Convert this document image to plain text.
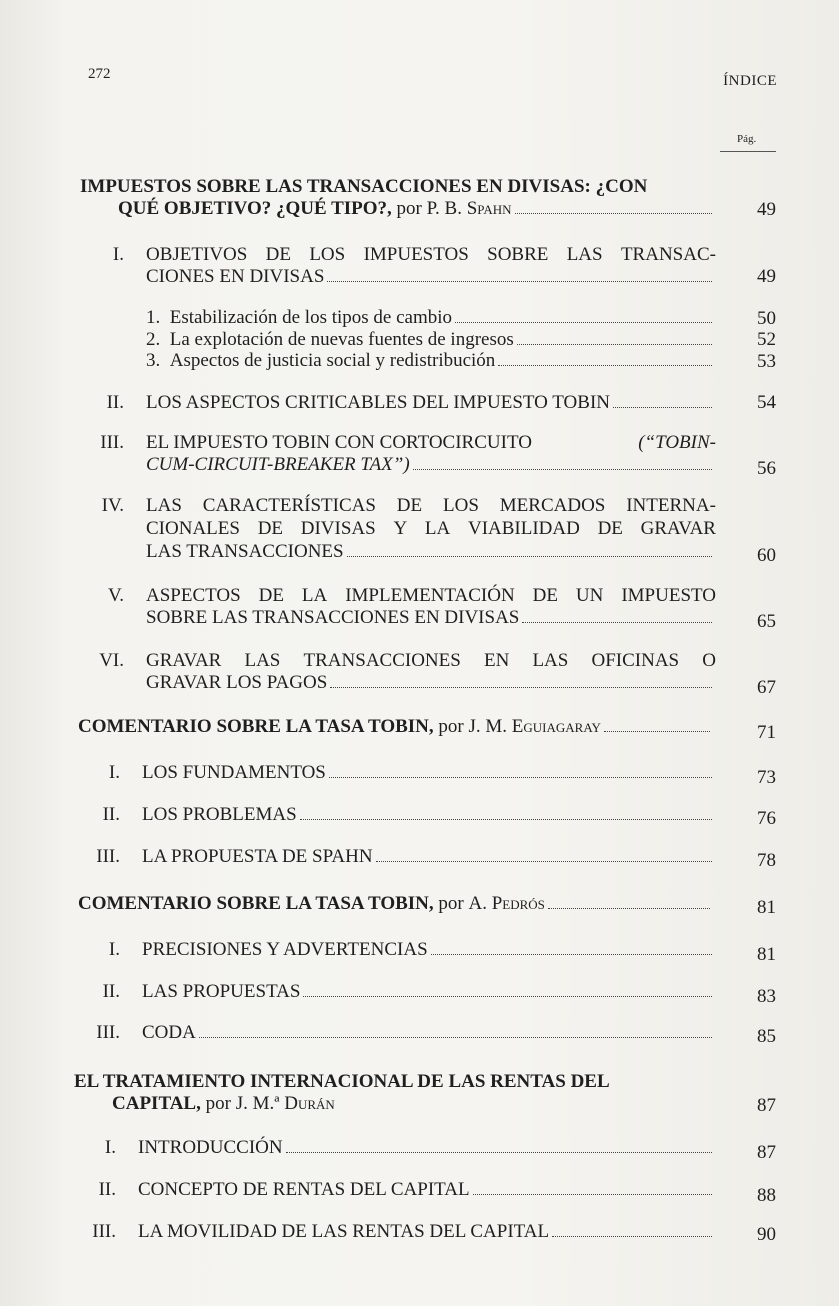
272	ÍNDICE
Pág.
IMPUESTOS SOBRE LAS TRANSACCIONES EN DIVISAS: ¿CON
QUÉ OBJETIVO? ¿QUÉ TIPO?,
por
P. B. Spahn	49
I. OBJETIVOS DE LOS IMPUESTOS SOBRE LAS TRANSAC-
CIONES EN DIVISAS	49
1.
Estabilización de los tipos de cambio	50
2.
La explotación de nuevas fuentes de ingresos	52
3.
Aspectos de justicia social y redistribución	53
II. LOS ASPECTOS CRITICABLES DEL IMPUESTO TOBIN	54
III. EL IMPUESTO TOBIN CON CORTOCIRCUITO	(“TOBIN-
CUM-CIRCUIT-BREAKER TAX”)	56
IV. LAS CARACTERÍSTICAS DE LOS MERCADOS INTERNA-
CIONALES DE DIVISAS Y LA VIABILIDAD DE GRAVAR
LAS TRANSACCIONES	60
V. ASPECTOS DE LA IMPLEMENTACIÓN DE UN IMPUESTO
SOBRE LAS TRANSACCIONES EN DIVISAS	65
VI. GRAVAR LAS TRANSACCIONES EN LAS OFICINAS O
GRAVAR LOS PAGOS	67
COMENTARIO SOBRE LA TASA TOBIN,
por
J. M. Eguiagaray	71
I. LOS FUNDAMENTOS	73
II. LOS PROBLEMAS	76
III. LA PROPUESTA DE SPAHN	78
COMENTARIO SOBRE LA TASA TOBIN,
por
A. Pedrós	81
I. PRECISIONES Y ADVERTENCIAS	81
II. LAS PROPUESTAS	83
III. CODA	85
EL TRATAMIENTO INTERNACIONAL DE LAS RENTAS DEL
CAPITAL,
por
J. M.ª Durán	87
I. INTRODUCCIÓN	87
II. CONCEPTO DE RENTAS DEL CAPITAL	88
III. LA MOVILIDAD DE LAS RENTAS DEL CAPITAL	90
